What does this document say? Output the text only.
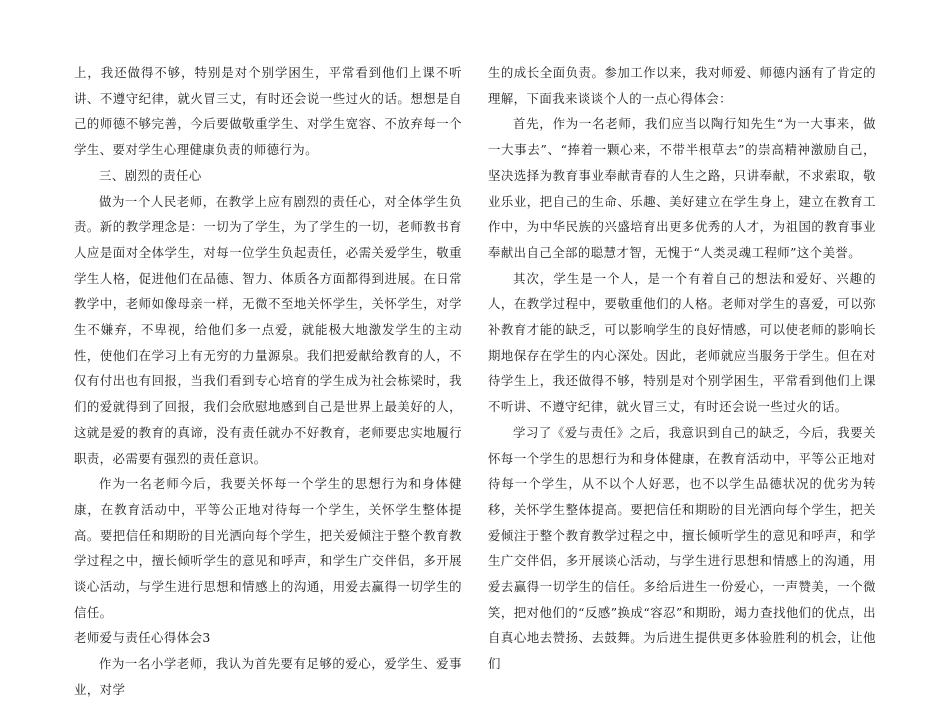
上，我还做得不够，特别是对个别学困生，平常看到他们上课不听讲、不遵守纪律，就火冒三丈，有时还会说一些过火的话。想想是自己的师德不够完善，今后要做敬重学生、对学生宽容、不放弃每一个学生、要对学生心理健康负责的师德行为。

三、剧烈的责任心

做为一个人民老师，在教学上应有剧烈的责任心，对全体学生负责。新的教学理念是：一切为了学生，为了学生的一切，老师教书育人应是面对全体学生，对每一位学生负起责任，必需关爱学生，敬重学生人格，促进他们在品德、智力、体质各方面都得到进展。在日常教学中，老师如像母亲一样，无微不至地关怀学生，关怀学生，对学生不嫌弃，不卑视，给他们多一点爱，就能极大地激发学生的主动性，使他们在学习上有无穷的力量源泉。我们把爱献给教育的人，不仅有付出也有回报，当我们看到专心培育的学生成为社会栋梁时，我们的爱就得到了回报，我们会欣慰地感到自己是世界上最美好的人，这就是爱的教育的真谛，没有责任就办不好教育，老师要忠实地履行职责，必需要有强烈的责任意识。

作为一名老师今后，我要关怀每一个学生的思想行为和身体健康，在教育活动中，平等公正地对待每一个学生，关怀学生整体提高。要把信任和期盼的目光洒向每个学生，把关爱倾注于整个教育教学过程之中，擅长倾听学生的意见和呼声，和学生广交伴侣，多开展谈心活动，与学生进行思想和情感上的沟通，用爱去赢得一切学生的信任。

老师爱与责任心得体会3

作为一名小学老师，我认为首先要有足够的爱心，爱学生、爱事业，对学

生的成长全面负责。参加工作以来，我对师爱、师德内涵有了肯定的理解，下面我来谈谈个人的一点心得体会：

首先，作为一名老师，我们应当以陶行知先生“为一大事来，做一大事去”、“捧着一颗心来，不带半根草去”的崇高精神激励自己，坚决选择为教育事业奉献青春的人生之路，只讲奉献，不求索取，敬业乐业，把自己的生命、乐趣、美好建立在学生身上，建立在教育工作中，为中华民族的兴盛培育出更多优秀的人才，为祖国的教育事业奉献出自己全部的聪慧才智，无愧于“人类灵魂工程师”这个美誉。

其次，学生是一个人，是一个有着自己的想法和爱好、兴趣的人，在教学过程中，要敬重他们的人格。老师对学生的喜爱，可以弥补教育才能的缺乏，可以影响学生的良好情感，可以使老师的影响长期地保存在学生的内心深处。因此，老师就应当服务于学生。但在对待学生上，我还做得不够，特别是对个别学困生，平常看到他们上课不听讲、不遵守纪律，就火冒三丈，有时还会说一些过火的话。

学习了《爱与责任》之后，我意识到自己的缺乏，今后，我要关怀每一个学生的思想行为和身体健康，在教育活动中，平等公正地对待每一个学生，从不以个人好恶，也不以学生品德状况的优劣为转移，关怀学生整体提高。要把信任和期盼的目光洒向每个学生，把关爱倾注于整个教育教学过程之中，擅长倾听学生的意见和呼声，和学生广交伴侣，多开展谈心活动，与学生进行思想和情感上的沟通，用爱去赢得一切学生的信任。多给后进生一份爱心，一声赞美，一个微笑，把对他们的“反感”换成“容忍”和期盼，竭力查找他们的优点，出自真心地去赞扬、去鼓舞。为后进生提供更多体验胜利的机会，让他们
